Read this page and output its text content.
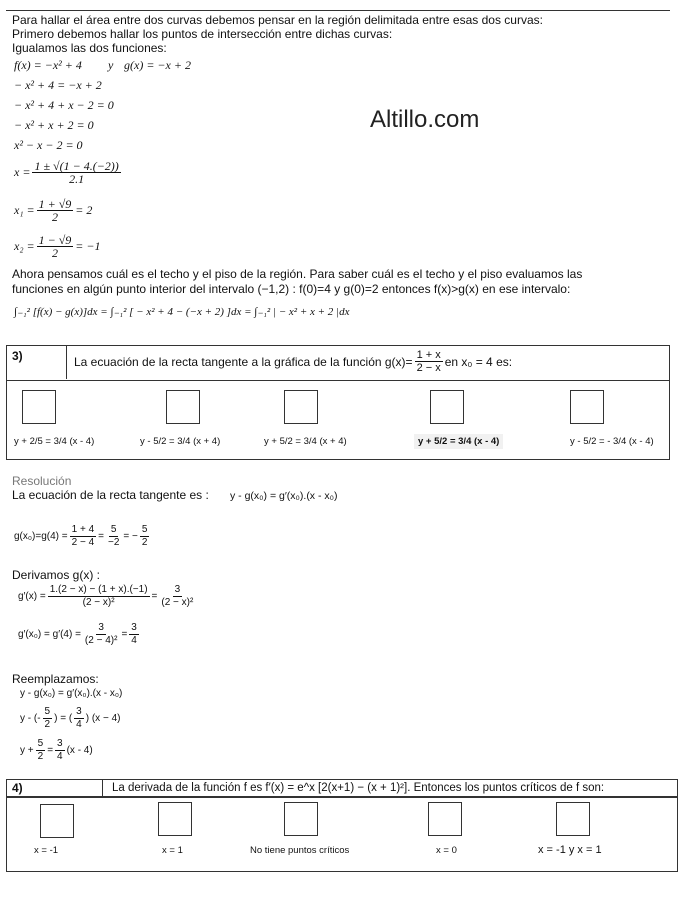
Para hallar el área entre dos curvas debemos pensar en la región delimitada entre esas dos curvas:
Primero debemos hallar los puntos de intersección entre dichas curvas:
Igualamos las dos funciones:
f(x) = −x² + 4 y g(x) = −x + 2
− x² + 4 = −x + 2
− x² + 4 + x − 2 = 0
− x² + x + 2 = 0
x² − x − 2 = 0
$x = \frac{1 \pm √(1 - 4.(-2))}{2.1}$
$x_1 = \frac{1 + √9}{2} = 2$
$x_2 = \frac{1 - √9}{2} = -1$
Altillo.com
Ahora pensamos cuál es el techo y el piso de la región. Para saber cuál es el techo y el piso evaluamos las
funciones en algún punto interior del intervalo (−1,2) : f(0)=4 y g(0)=2 entonces f(x)>g(x) en ese intervalo:
∫₋₁² [f(x) − g(x)]dx = ∫₋₁² [ − x² + 4 − (−x + 2) ]dx = ∫₋₁² | − x² + x + 2 |dx
3)	La ecuación de la recta tangente a la gráfica de la función $g(x)= \frac{1 + x}{2 - x}$ en x₀ = 4 es:
y + 2/5 = 3/4 (x - 4)	y - 5/2 = 3/4 (x + 4)	y + 5/2 = 3/4 (x + 4)	y + 5/2 = 3/4 (x - 4)	y - 5/2 = - 3/4 (x - 4)
Resolución
La ecuación de la recta tangente es : y - g(x₀) = g′(x₀).(x - x₀)
$g(x_0)=g(4) = \frac{1 + 4}{2 - 4} = \frac{5}{-2}$ = − $\frac{5}{2}$
Derivamos g(x) :
$g'(x) = \frac{1.(2 - x) - (1 + x).(-1)}{\text{(2 − x)²}} = \frac{3}{\text{(2 − x)²}}$
$g'(x_0) = g'(4) = \frac{3}{\text{(2 − 4)²}} = \frac{3}{4}$
Reemplazamos:
y - g(x₀) = g′(x₀).(x - x₀)
y - (- $\frac{5}{2}$ ) = ( $\frac{3}{4}$ ) (x − 4)
$y + \frac{5}{2} = \frac{3}{4} (x - 4)$
4)	La derivada de la función f es f′(x) = e^x [2(x+1) − (x + 1)²]. Entonces los puntos críticos de f son:
x = -1	x = 1	No tiene puntos críticos	x = 0	x = -1 y x = 1
